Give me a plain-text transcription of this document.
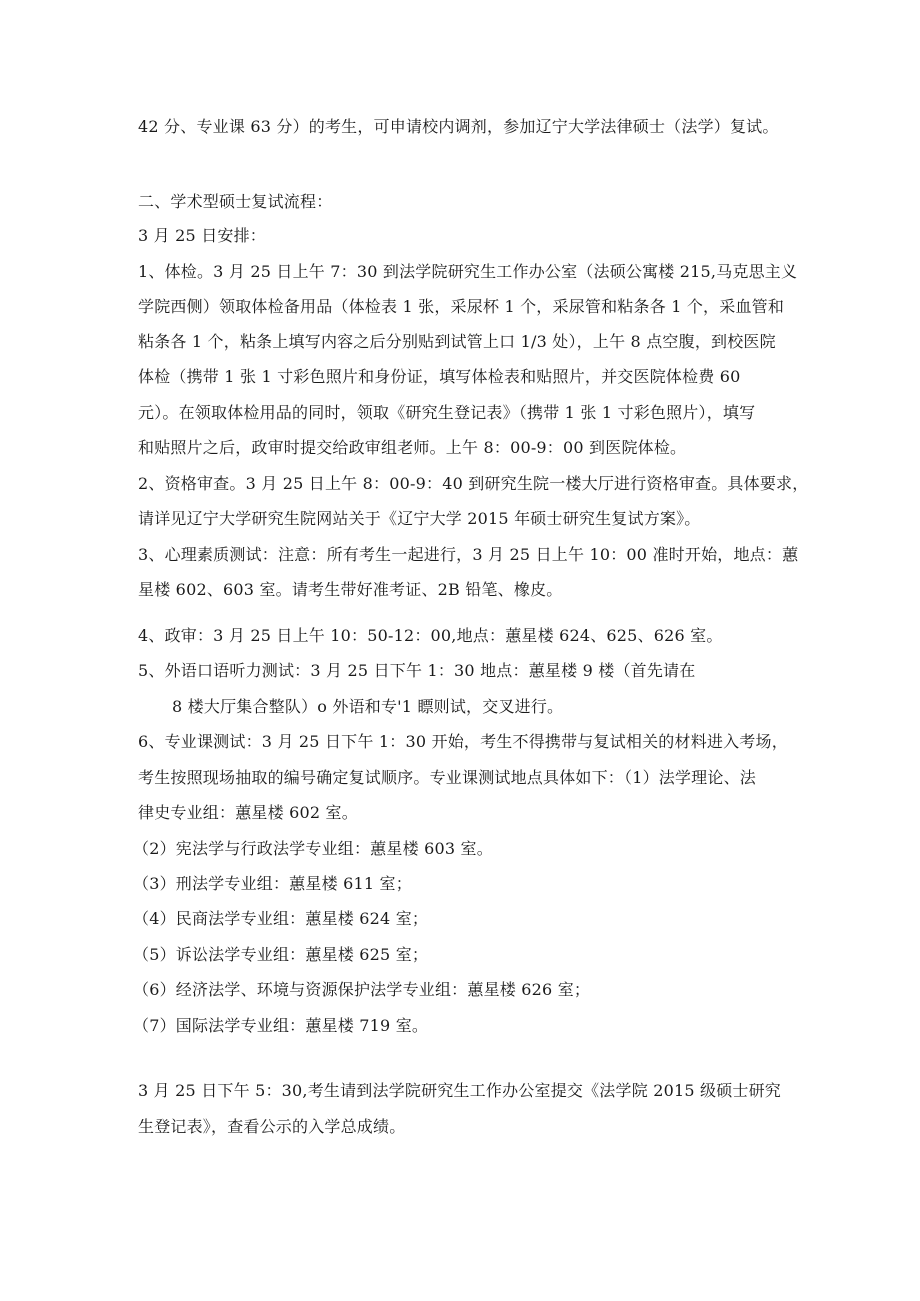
42 分、专业课 63 分）的考生，可申请校内调剂，参加辽宁大学法律硕士（法学）复试。
二、学术型硕士复试流程：
3 月 25 日安排：
1、体检。3 月 25 日上午 7：30 到法学院研究生工作办公室（法硕公寓楼 215,马克思主义
学院西侧）领取体检备用品（体检表 1 张，采尿杯 1 个，采尿管和粘条各 1 个，采血管和
粘条各 1 个，粘条上填写内容之后分别贴到试管上口 1/3 处），上午 8 点空腹，到校医院
体检（携带 1 张 1 寸彩色照片和身份证，填写体检表和贴照片，并交医院体检费 60
元）。在领取体检用品的同时，领取《研究生登记表》（携带 1 张 1 寸彩色照片），填写
和贴照片之后，政审时提交给政审组老师。上午 8：00-9：00 到医院体检。
2、资格审查。3 月 25 日上午 8：00-9：40 到研究生院一楼大厅进行资格审查。具体要求，
请详见辽宁大学研究生院网站关于《辽宁大学 2015 年硕士研究生复试方案》。
3、心理素质测试：注意：所有考生一起进行，3 月 25 日上午 10：00 准时开始，地点：蕙
星楼 602、603 室。请考生带好准考证、2B 铅笔、橡皮。
4、政审：3 月 25 日上午 10：50-12：00,地点：蕙星楼 624、625、626 室。
5、外语口语听力测试：3 月 25 日下午 1：30 地点：蕙星楼 9 楼（首先请在
8 楼大厅集合整队）o 外语和专'1 瞟则试，交叉进行。
6、专业课测试：3 月 25 日下午 1：30 开始，考生不得携带与复试相关的材料进入考场，
考生按照现场抽取的编号确定复试顺序。专业课测试地点具体如下：（1）法学理论、法
律史专业组：蕙星楼 602 室。
（2）宪法学与行政法学专业组：蕙星楼 603 室。
（3）刑法学专业组：蕙星楼 611 室；
（4）民商法学专业组：蕙星楼 624 室；
（5）诉讼法学专业组：蕙星楼 625 室；
（6）经济法学、环境与资源保护法学专业组：蕙星楼 626 室；
（7）国际法学专业组：蕙星楼 719 室。
3 月 25 日下午 5：30,考生请到法学院研究生工作办公室提交《法学院 2015 级硕士研究
生登记表》，查看公示的入学总成绩。
